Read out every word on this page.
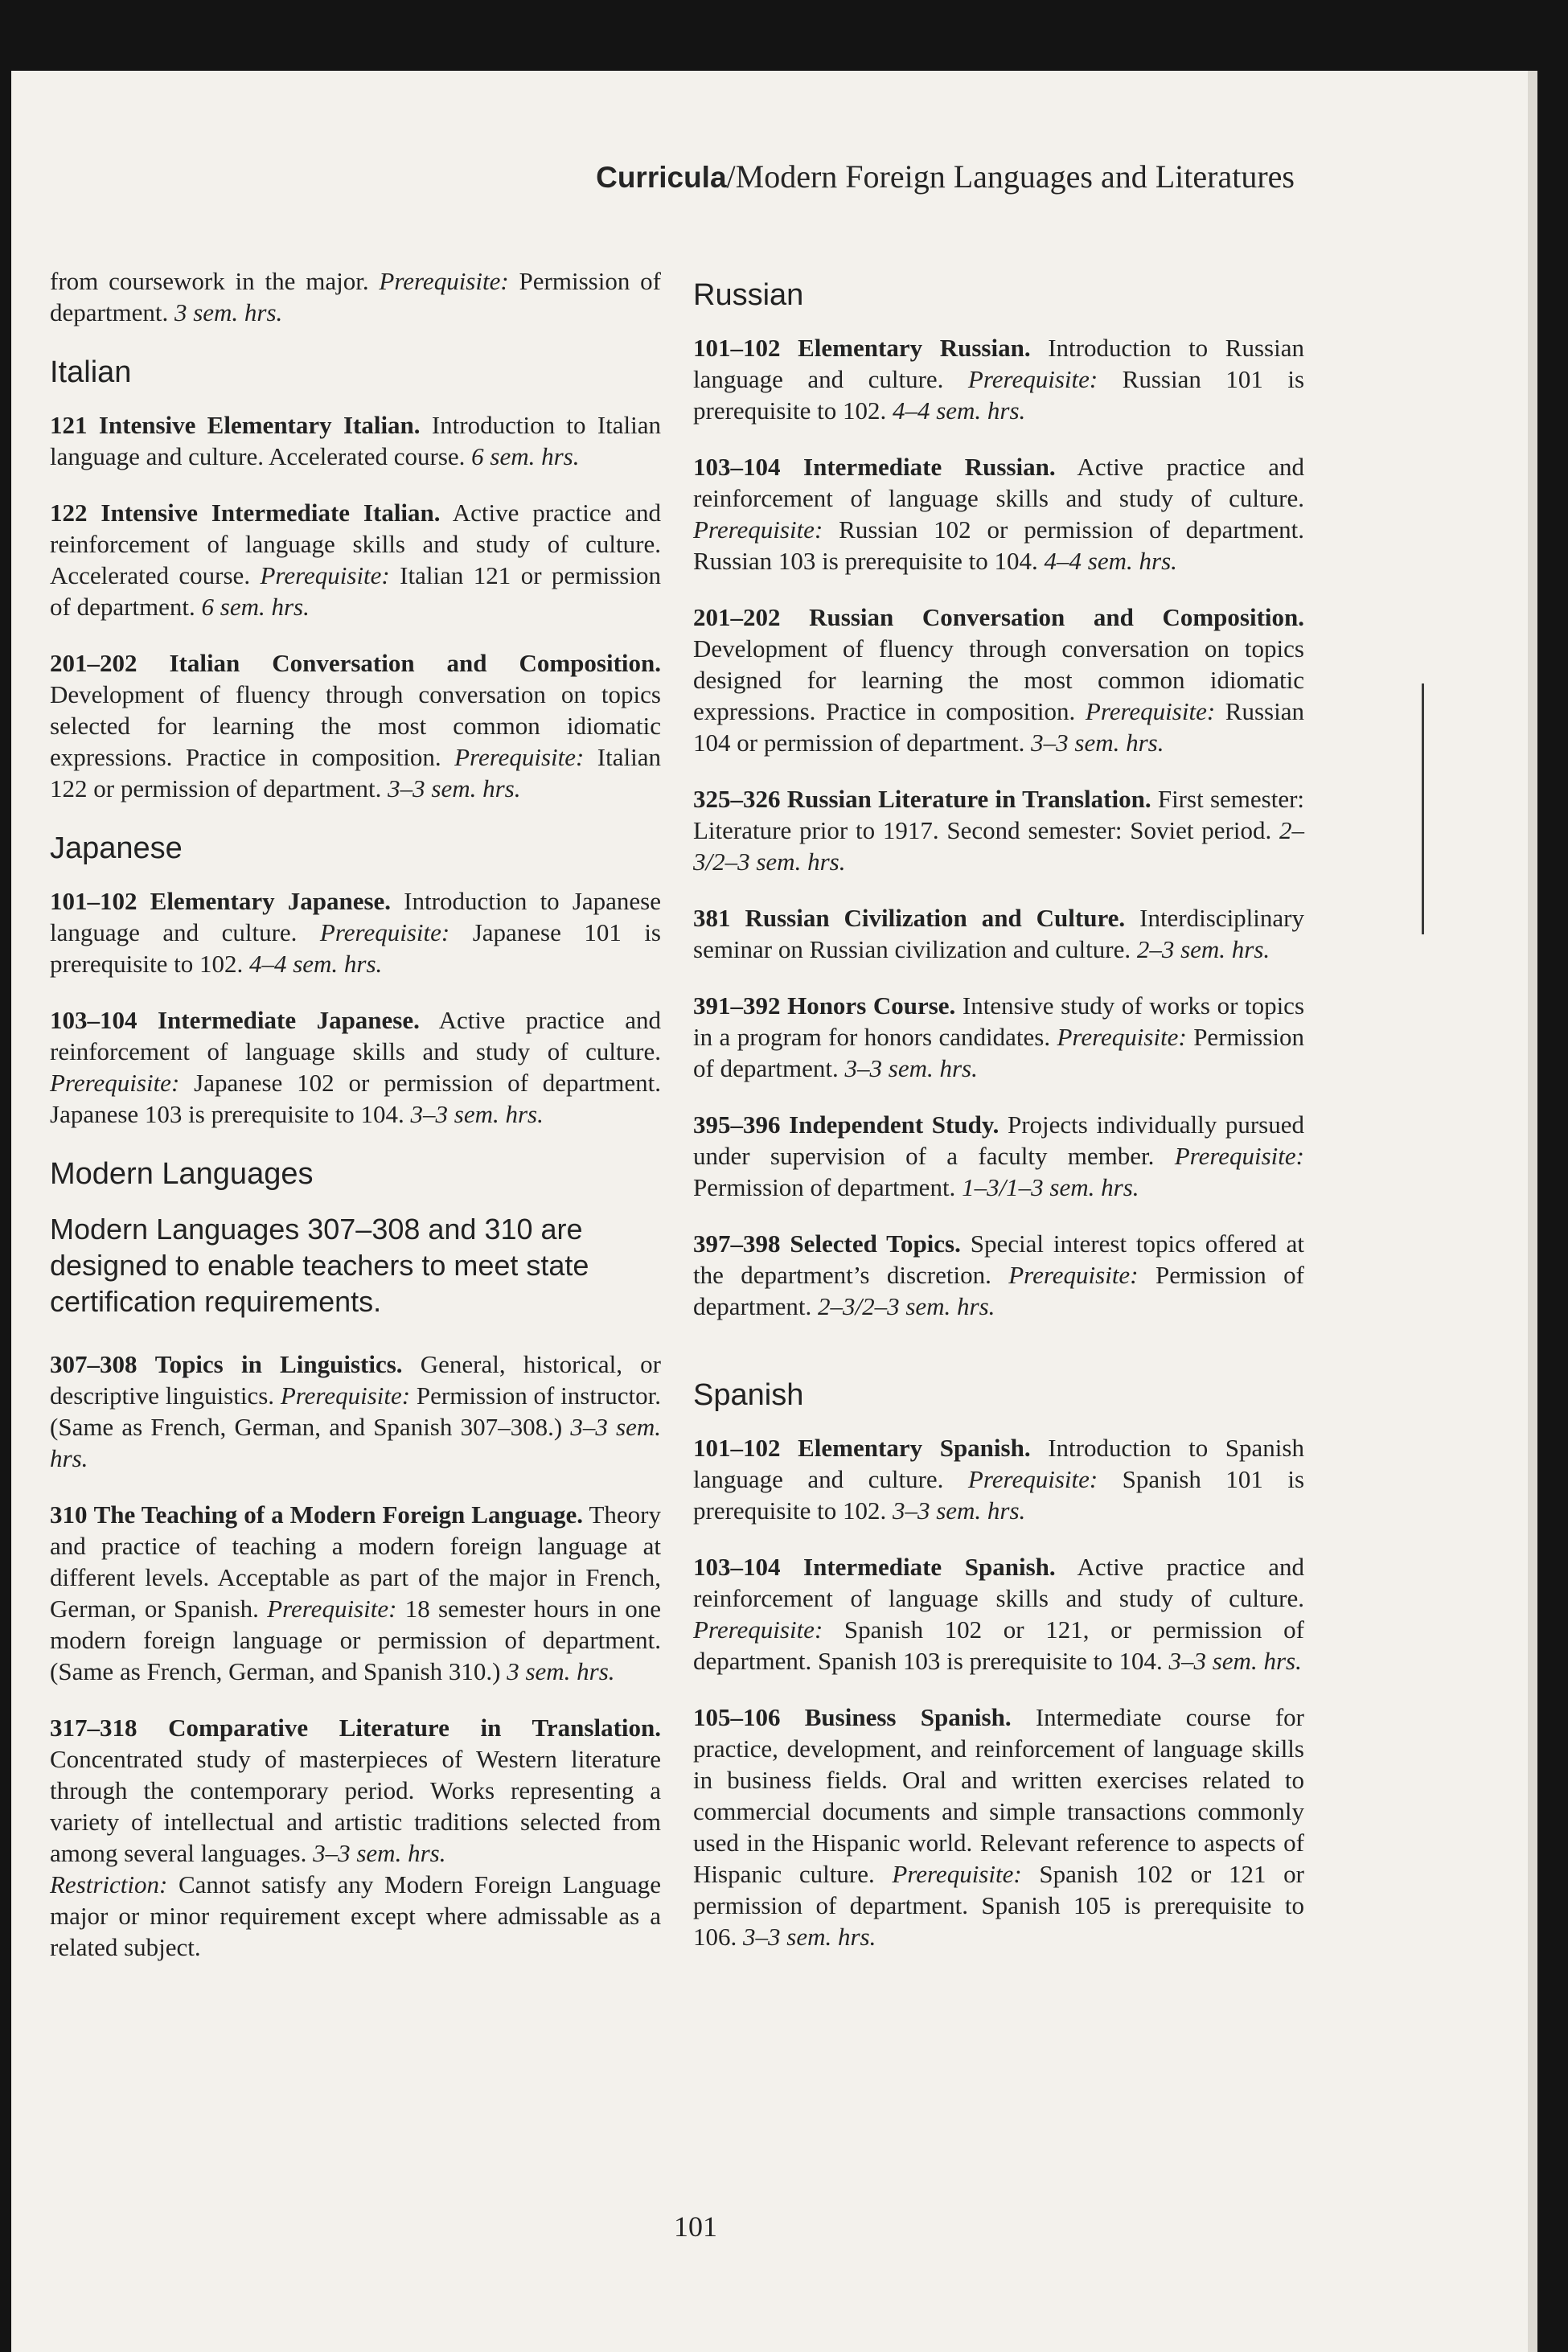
Curricula/Modern Foreign Languages and Literatures

from coursework in the major. Prerequisite: Permission of department. 3 sem. hrs.

Italian

121 Intensive Elementary Italian. Introduction to Italian language and culture. Accelerated course. 6 sem. hrs.

122 Intensive Intermediate Italian. Active practice and reinforcement of language skills and study of culture. Accelerated course. Prerequisite: Italian 121 or permission of department. 6 sem. hrs.

201–202 Italian Conversation and Composition. Development of fluency through conversation on topics selected for learning the most common idiomatic expressions. Practice in composition. Prerequisite: Italian 122 or permission of department. 3–3 sem. hrs.

Japanese

101–102 Elementary Japanese. Introduction to Japanese language and culture. Prerequisite: Japanese 101 is prerequisite to 102. 4–4 sem. hrs.

103–104 Intermediate Japanese. Active practice and reinforcement of language skills and study of culture. Prerequisite: Japanese 102 or permission of department. Japanese 103 is prerequisite to 104. 3–3 sem. hrs.

Modern Languages

Modern Languages 307–308 and 310 are designed to enable teachers to meet state certification requirements.

307–308 Topics in Linguistics. General, historical, or descriptive linguistics. Prerequisite: Permission of instructor. (Same as French, German, and Spanish 307–308.) 3–3 sem. hrs.

310 The Teaching of a Modern Foreign Language. Theory and practice of teaching a modern foreign language at different levels. Acceptable as part of the major in French, German, or Spanish. Prerequisite: 18 semester hours in one modern foreign language or permission of department. (Same as French, German, and Spanish 310.) 3 sem. hrs.

317–318 Comparative Literature in Translation. Concentrated study of masterpieces of Western literature through the contemporary period. Works representing a variety of intellectual and artistic traditions selected from among several languages. 3–3 sem. hrs.
Restriction: Cannot satisfy any Modern Foreign Language major or minor requirement except where admissable as a related subject.

Russian

101–102 Elementary Russian. Introduction to Russian language and culture. Prerequisite: Russian 101 is prerequisite to 102. 4–4 sem. hrs.

103–104 Intermediate Russian. Active practice and reinforcement of language skills and study of culture. Prerequisite: Russian 102 or permission of department. Russian 103 is prerequisite to 104. 4–4 sem. hrs.

201–202 Russian Conversation and Composition. Development of fluency through conversation on topics designed for learning the most common idiomatic expressions. Practice in composition. Prerequisite: Russian 104 or permission of department. 3–3 sem. hrs.

325–326 Russian Literature in Translation. First semester: Literature prior to 1917. Second semester: Soviet period. 2–3/2–3 sem. hrs.

381 Russian Civilization and Culture. Interdisciplinary seminar on Russian civilization and culture. 2–3 sem. hrs.

391–392 Honors Course. Intensive study of works or topics in a program for honors candidates. Prerequisite: Permission of department. 3–3 sem. hrs.

395–396 Independent Study. Projects individually pursued under supervision of a faculty member. Prerequisite: Permission of department. 1–3/1–3 sem. hrs.

397–398 Selected Topics. Special interest topics offered at the department’s discretion. Prerequisite: Permission of department. 2–3/2–3 sem. hrs.

Spanish

101–102 Elementary Spanish. Introduction to Spanish language and culture. Prerequisite: Spanish 101 is prerequisite to 102. 3–3 sem. hrs.

103–104 Intermediate Spanish. Active practice and reinforcement of language skills and study of culture. Prerequisite: Spanish 102 or 121, or permission of department. Spanish 103 is prerequisite to 104. 3–3 sem. hrs.

105–106 Business Spanish. Intermediate course for practice, development, and reinforcement of language skills in business fields. Oral and written exercises related to commercial documents and simple transactions commonly used in the Hispanic world. Relevant reference to aspects of Hispanic culture. Prerequisite: Spanish 102 or 121 or permission of department. Spanish 105 is prerequisite to 106. 3–3 sem. hrs.

101
